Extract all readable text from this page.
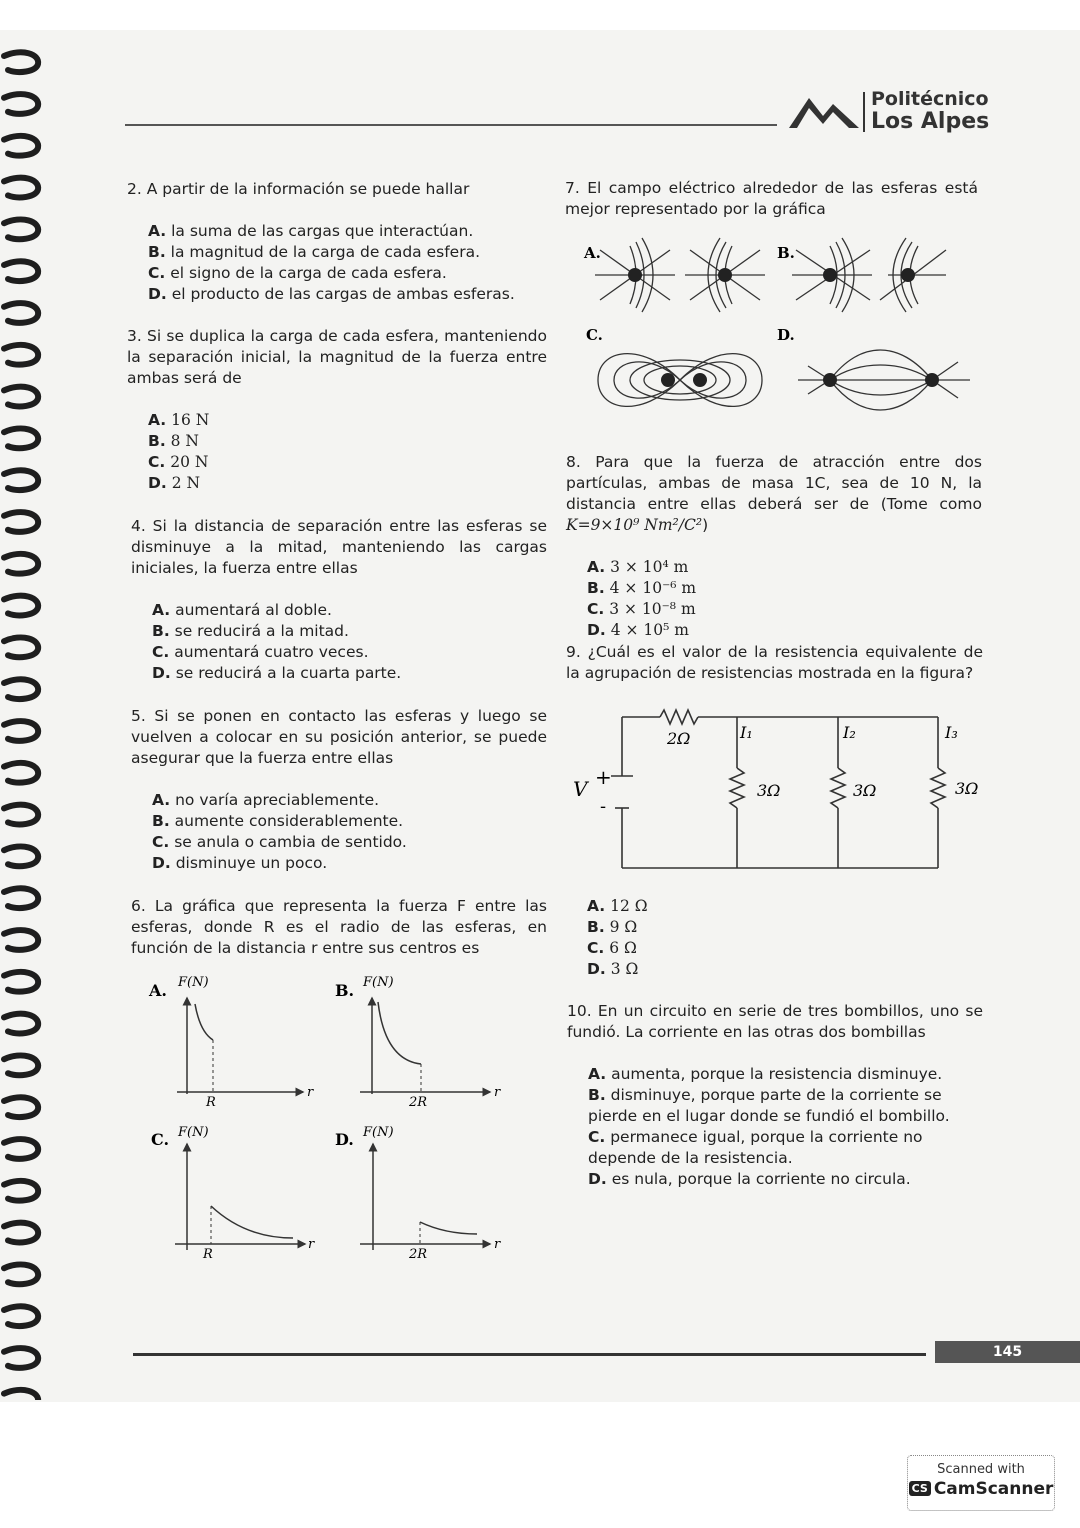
Politécnico
Los Alpes

2. A partir de la información se puede hallar

A. la suma de las cargas que interactúan.
B. la magnitud de la carga de cada esfera.
C. el signo de la carga de cada esfera.
D. el producto de las cargas de ambas esferas.

3. Si se duplica la carga de cada esfera, manteniendo la separación inicial, la magnitud de la fuerza entre ambas será de

A. 16 N
B. 8 N
C. 20 N
D. 2 N

4. Si la distancia de separación entre las esferas se disminuye a la mitad, manteniendo las cargas iniciales, la fuerza entre ellas

A. aumentará al doble.
B. se reducirá a la mitad.
C. aumentará cuatro veces.
D. se reducirá a la cuarta parte.

5. Si se ponen en contacto las esferas y luego se vuelven a colocar en su posición anterior, se puede asegurar que la fuerza entre ellas

A. no varía apreciablemente.
B. aumente considerablemente.
C. se anula o cambia de sentido.
D. disminuye un poco.

6. La gráfica que representa la fuerza F entre las esferas, donde R es el radio de las esferas, en función de la distancia r entre sus centros es

A. F(N)
r
R
B. F(N)
r
2R
C. F(N)
r
R
D. F(N)
r
2R

7. El campo eléctrico alrededor de las esferas está mejor representado por la gráfica

A.	B.
C.	D.

8. Para que la fuerza de atracción entre dos partículas, ambas de masa 1C, sea de 10 N, la distancia entre ellas deberá ser de (Tome como K=9×10⁹ Nm²/C²)

A. 3 × 10⁴ m
B. 4 × 10⁻⁶ m
C. 3 × 10⁻⁸ m
D. 4 × 10⁵ m

9. ¿Cuál es el valor de la resistencia equivalente de la agrupación de resistencias mostrada en la figura?

V +
-
2Ω	I₁	I₂	I₃
3Ω	3Ω	3Ω
A. 12 Ω
B. 9 Ω
C. 6 Ω
D. 3 Ω

10. En un circuito en serie de tres bombillos, uno se fundió. La corriente en las otras dos bombillas

A. aumenta, porque la resistencia disminuye.
B. disminuye, porque parte de la corriente se pierde en el lugar donde se fundió el bombillo.
C. permanece igual, porque la corriente no depende de la resistencia.
D. es nula, porque la corriente no circula.
145
Scanned with
CS CamScanner
